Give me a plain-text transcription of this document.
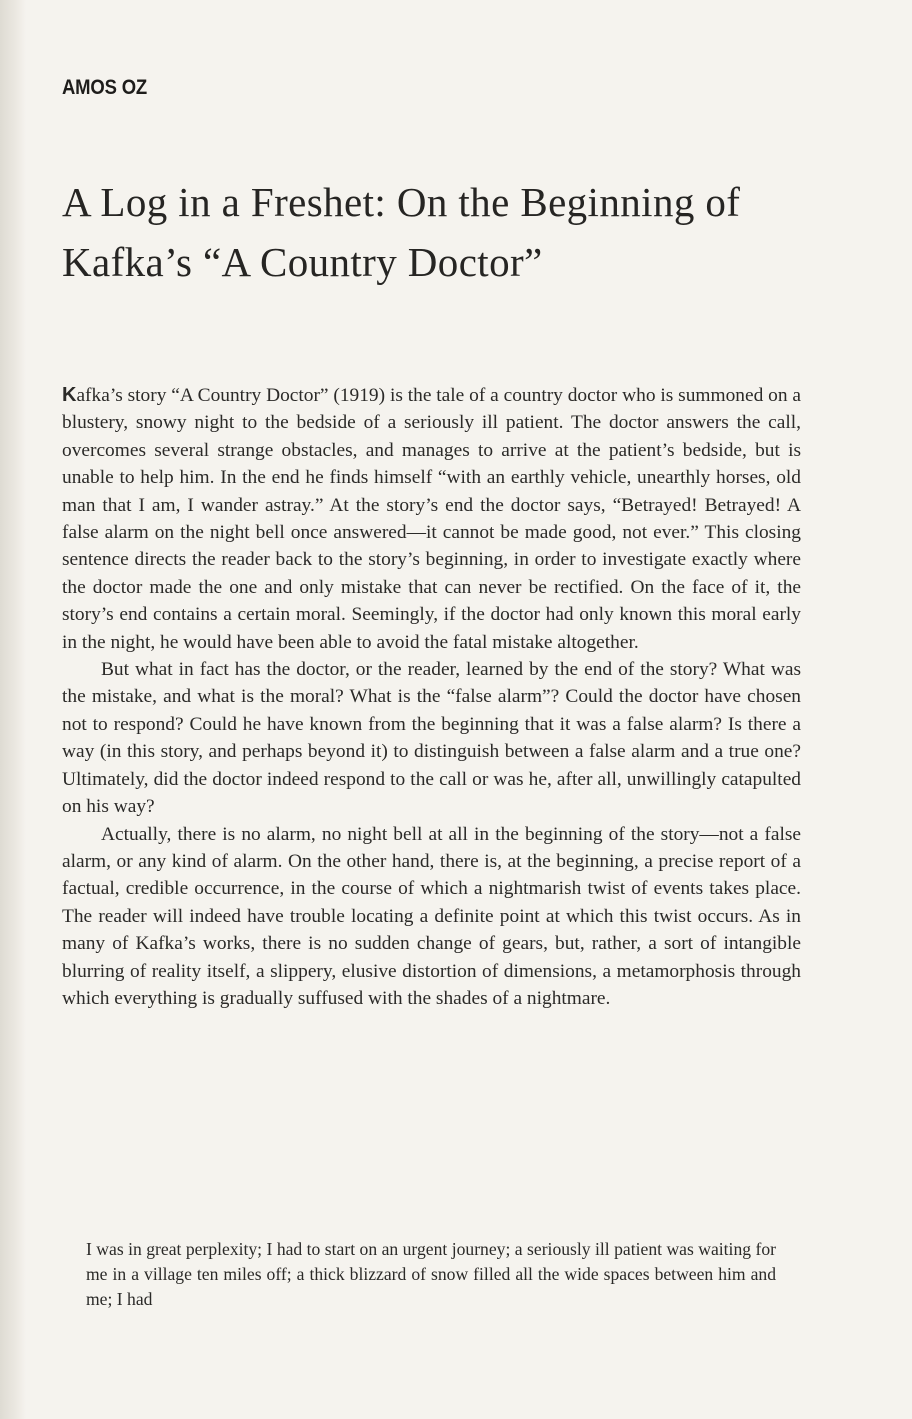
AMOS OZ
A Log in a Freshet: On the Beginning of Kafka’s “A Country Doctor”

Kafka’s story “A Country Doctor” (1919) is the tale of a country doctor who is summoned on a blustery, snowy night to the bedside of a seriously ill patient. The doctor answers the call, overcomes several strange obstacles, and manages to arrive at the patient’s bedside, but is unable to help him. In the end he finds himself “with an earthly vehicle, unearthly horses, old man that I am, I wander astray.” At the story’s end the doctor says, “Betrayed! Betrayed! A false alarm on the night bell once answered—it cannot be made good, not ever.” This closing sentence directs the reader back to the story’s beginning, in order to investigate exactly where the doctor made the one and only mistake that can never be rectified. On the face of it, the story’s end contains a certain moral. Seemingly, if the doctor had only known this moral early in the night, he would have been able to avoid the fatal mistake altogether.

But what in fact has the doctor, or the reader, learned by the end of the story? What was the mistake, and what is the moral? What is the “false alarm”? Could the doctor have chosen not to respond? Could he have known from the beginning that it was a false alarm? Is there a way (in this story, and perhaps beyond it) to distinguish between a false alarm and a true one? Ultimately, did the doctor indeed respond to the call or was he, after all, unwillingly catapulted on his way?

Actually, there is no alarm, no night bell at all in the beginning of the story—not a false alarm, or any kind of alarm. On the other hand, there is, at the beginning, a precise report of a factual, credible occurrence, in the course of which a nightmarish twist of events takes place. The reader will indeed have trouble locating a definite point at which this twist occurs. As in many of Kafka’s works, there is no sudden change of gears, but, rather, a sort of intangible blurring of reality itself, a slippery, elusive distortion of dimensions, a metamorphosis through which everything is gradually suffused with the shades of a nightmare.

I was in great perplexity; I had to start on an urgent journey; a seriously ill patient was waiting for me in a village ten miles off; a thick blizzard of snow filled all the wide spaces between him and me; I had
